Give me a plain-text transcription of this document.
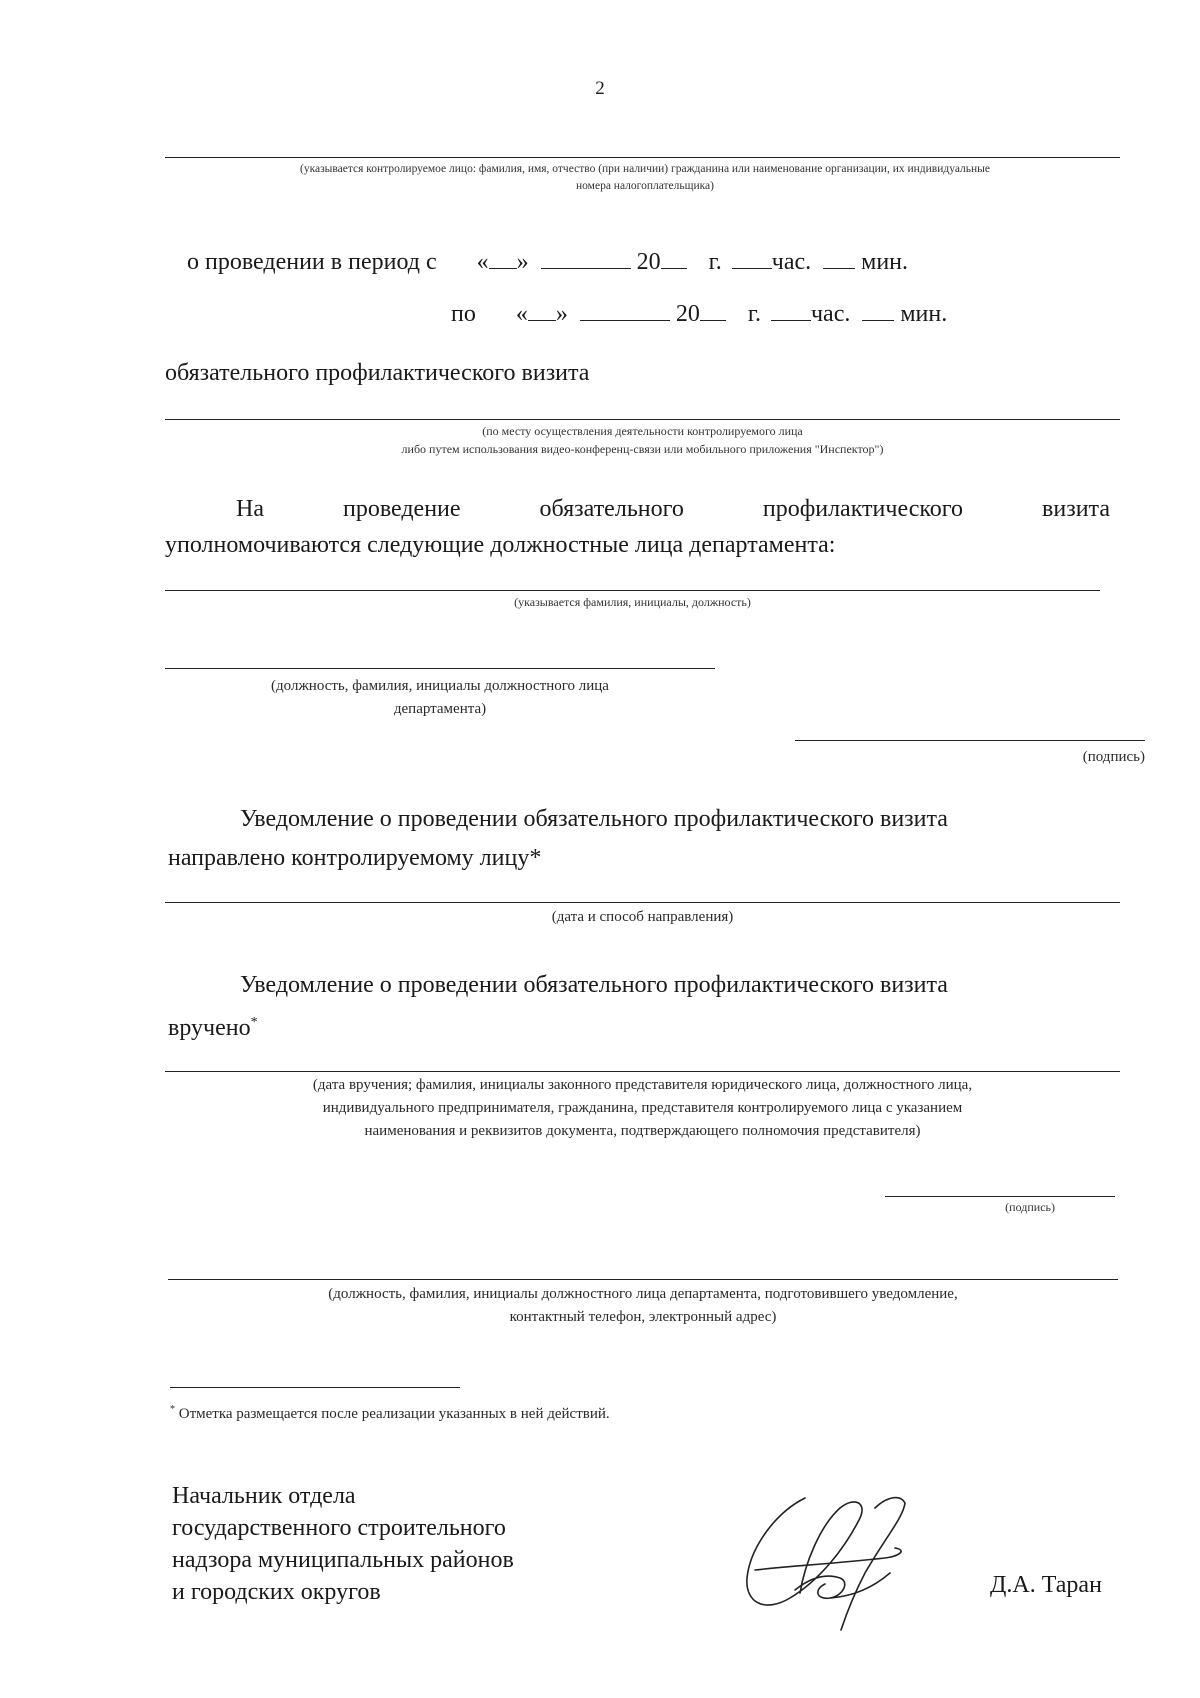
2
(указывается контролируемое лицо: фамилия, имя, отчество (при наличии) гражданина или наименование организации, их индивидуальные
номера налогоплательщика)
о проведении в период с « »	20 г. час. мин.
по « »	20 г. час. мин.
обязательного профилактического визита
(по месту осуществления деятельности контролируемого лица
либо путем использования видео-конференц-связи или мобильного приложения "Инспектор")
На	проведение	обязательного	профилактического	визита
уполномочиваются следующие должностные лица департамента:
(указывается фамилия, инициалы, должность)
(должность, фамилия, инициалы должностного лица
департамента)
(подпись)
Уведомление о проведении обязательного профилактического визита
направлено контролируемому лицу*
(дата и способ направления)
Уведомление о проведении обязательного профилактического визита
вручено*
(дата вручения; фамилия, инициалы законного представителя юридического лица, должностного лица,
индивидуального предпринимателя, гражданина, представителя контролируемого лица с указанием
наименования и реквизитов документа, подтверждающего полномочия представителя)
(подпись)
(должность, фамилия, инициалы должностного лица департамента, подготовившего уведомление,
контактный телефон, электронный адрес)
* Отметка размещается после реализации указанных в ней действий.
Начальник отдела
государственного строительного
надзора муниципальных районов
и городских округов	Д.А. Таран
